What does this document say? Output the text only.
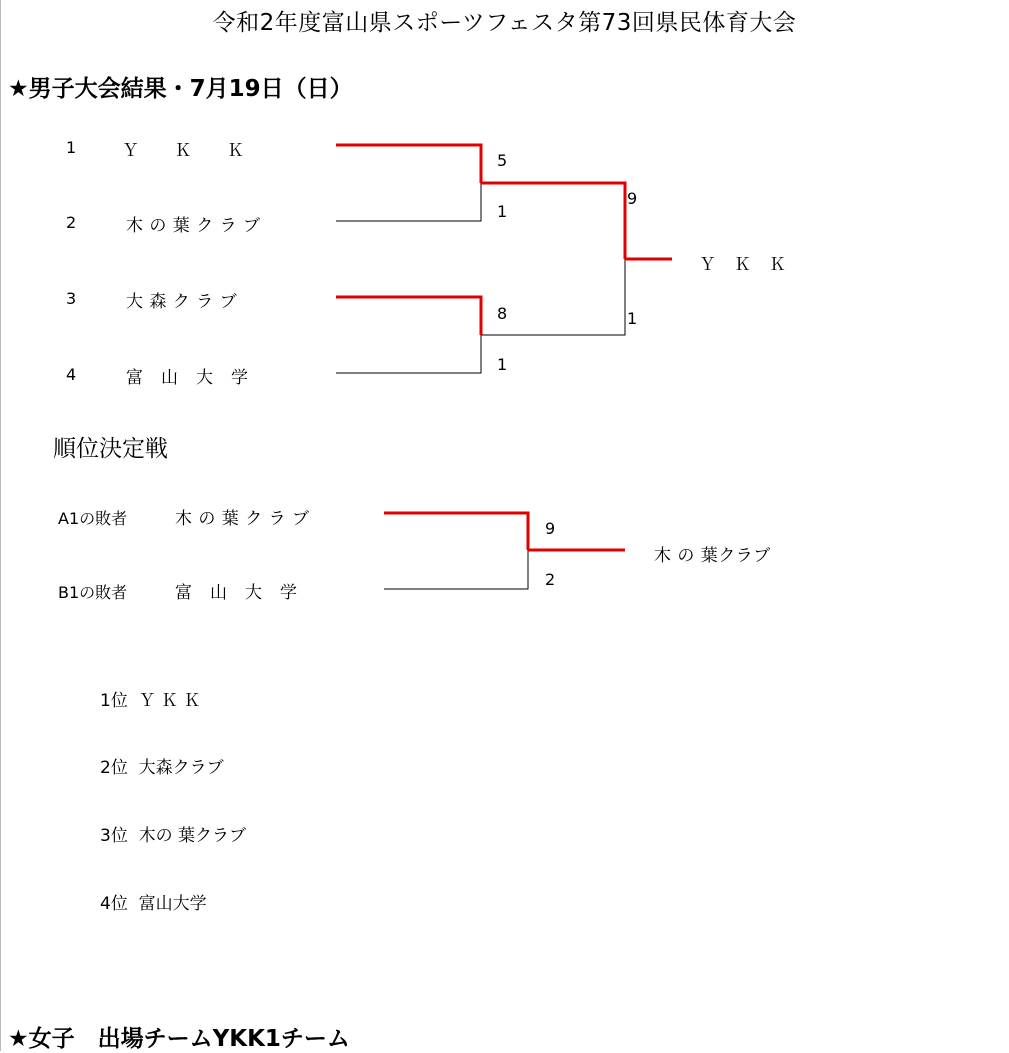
令和2年度富山県スポーツフェスタ第73回県民体育大会
★男子大会結果・7月19日（日）
1	Ｙ　　Ｋ　　Ｋ
2	木 の 葉 ク ラ ブ
3	大 森 ク ラ ブ
4	富　山　大　学
5
1
8
1
9
1
Ｙ　Ｋ　Ｋ
順位決定戦
A1の敗者	木 の 葉 ク ラ ブ
B1の敗者	富　山　大　学
9
2
木 の 葉クラブ
1位 Ｙ Ｋ Ｋ
2位 大森クラブ
3位 木の 葉クラブ
4位 富山大学
★女子　出場チームYKK1チーム
